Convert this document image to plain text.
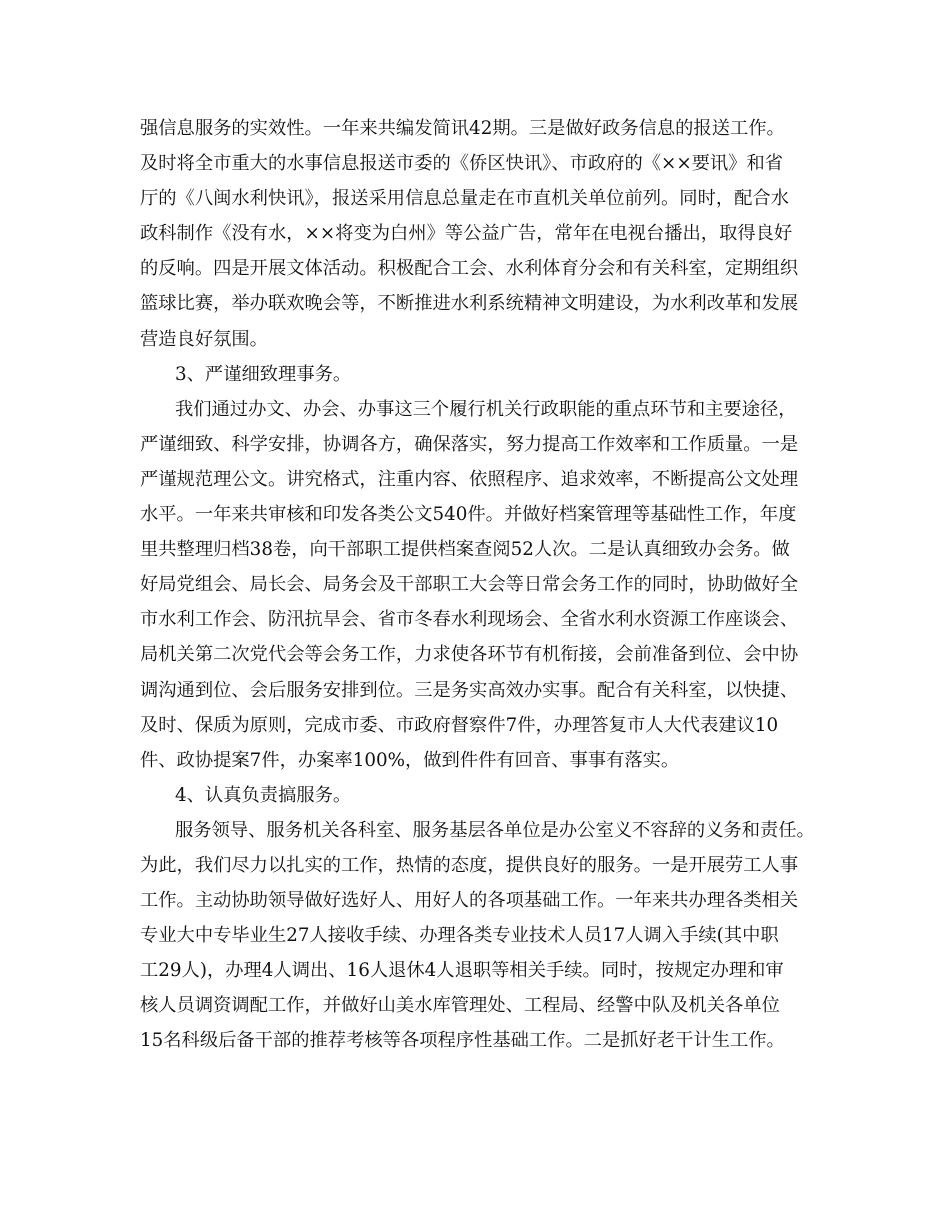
强信息服务的实效性。一年来共编发简讯42期。三是做好政务信息的报送工作。
及时将全市重大的水事信息报送市委的《侨区快讯》、市政府的《××要讯》和省
厅的《八闽水利快讯》，报送采用信息总量走在市直机关单位前列。同时，配合水
政科制作《没有水，××将变为白州》等公益广告，常年在电视台播出，取得良好
的反响。四是开展文体活动。积极配合工会、水利体育分会和有关科室，定期组织
篮球比赛，举办联欢晚会等，不断推进水利系统精神文明建设，为水利改革和发展
营造良好氛围。
3、严谨细致理事务。
我们通过办文、办会、办事这三个履行机关行政职能的重点环节和主要途径，
严谨细致、科学安排，协调各方，确保落实，努力提高工作效率和工作质量。一是
严谨规范理公文。讲究格式，注重内容、依照程序、追求效率，不断提高公文处理
水平。一年来共审核和印发各类公文540件。并做好档案管理等基础性工作，年度
里共整理归档38卷，向干部职工提供档案查阅52人次。二是认真细致办会务。做
好局党组会、局长会、局务会及干部职工大会等日常会务工作的同时，协助做好全
市水利工作会、防汛抗旱会、省市冬春水利现场会、全省水利水资源工作座谈会、
局机关第二次党代会等会务工作，力求使各环节有机衔接，会前准备到位、会中协
调沟通到位、会后服务安排到位。三是务实高效办实事。配合有关科室，以快捷、
及时、保质为原则，完成市委、市政府督察件7件，办理答复市人大代表建议10
件、政协提案7件，办案率100%，做到件件有回音、事事有落实。
4、认真负责搞服务。
服务领导、服务机关各科室、服务基层各单位是办公室义不容辞的义务和责任。
为此，我们尽力以扎实的工作，热情的态度，提供良好的服务。一是开展劳工人事
工作。主动协助领导做好选好人、用好人的各项基础工作。一年来共办理各类相关
专业大中专毕业生27人接收手续、办理各类专业技术人员17人调入手续(其中职
工29人)，办理4人调出、16人退休4人退职等相关手续。同时，按规定办理和审
核人员调资调配工作，并做好山美水库管理处、工程局、经警中队及机关各单位
15名科级后备干部的推荐考核等各项程序性基础工作。二是抓好老干计生工作。
